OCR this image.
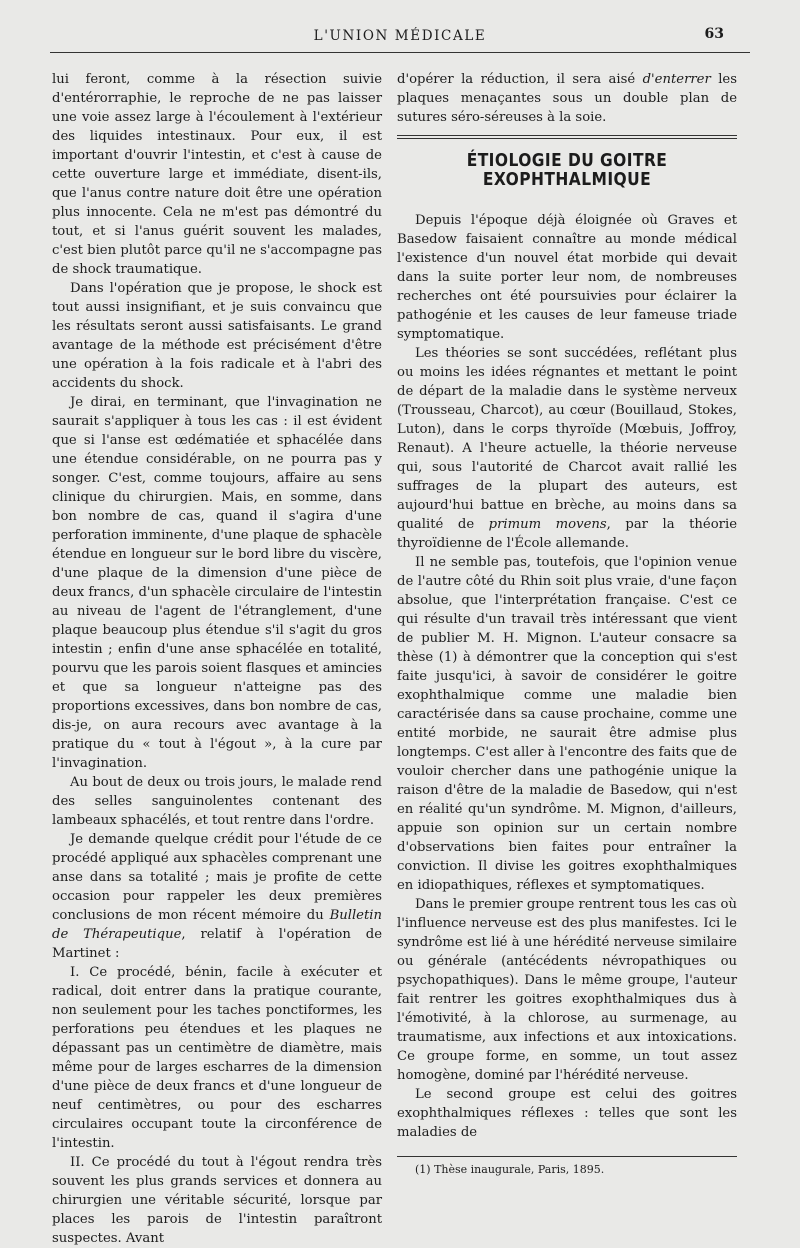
L'UNION MÉDICALE	63

lui feront, comme à la résection suivie d'entérorraphie, le reproche de ne pas laisser une voie assez large à l'écoulement à l'extérieur des liquides intestinaux. Pour eux, il est important d'ouvrir l'intestin, et c'est à cause de cette ouverture large et immédiate, disent-ils, que l'anus contre nature doit être une opération plus innocente. Cela ne m'est pas démontré du tout, et si l'anus guérit souvent les malades, c'est bien plutôt parce qu'il ne s'accompagne pas de shock traumatique.

Dans l'opération que je propose, le shock est tout aussi insignifiant, et je suis convaincu que les résultats seront aussi satisfaisants. Le grand avantage de la méthode est précisément d'être une opération à la fois radicale et à l'abri des accidents du shock.

Je dirai, en terminant, que l'invagination ne saurait s'appliquer à tous les cas : il est évident que si l'anse est œdématiée et sphacélée dans une étendue considérable, on ne pourra pas y songer. C'est, comme toujours, affaire au sens clinique du chirurgien. Mais, en somme, dans bon nombre de cas, quand il s'agira d'une perforation imminente, d'une plaque de sphacèle étendue en longueur sur le bord libre du viscère, d'une plaque de la dimension d'une pièce de deux francs, d'un sphacèle circulaire de l'intestin au niveau de l'agent de l'étranglement, d'une plaque beaucoup plus étendue s'il s'agit du gros intestin ; enfin d'une anse sphacélée en totalité, pourvu que les parois soient flasques et amincies et que sa longueur n'atteigne pas des proportions excessives, dans bon nombre de cas, dis-je, on aura recours avec avantage à la pratique du « tout à l'égout », à la cure par l'invagination.

Au bout de deux ou trois jours, le malade rend des selles sanguinolentes contenant des lambeaux sphacélés, et tout rentre dans l'ordre.

Je demande quelque crédit pour l'étude de ce procédé appliqué aux sphacèles comprenant une anse dans sa totalité ; mais je profite de cette occasion pour rappeler les deux premières conclusions de mon récent mémoire du Bulletin de Thérapeutique, relatif à l'opération de Martinet :

I. Ce procédé, bénin, facile à exécuter et radical, doit entrer dans la pratique courante, non seulement pour les taches ponctiformes, les perforations peu étendues et les plaques ne dépassant pas un centimètre de diamètre, mais même pour de larges escharres de la dimension d'une pièce de deux francs et d'une longueur de neuf centimètres, ou pour des escharres circulaires occupant toute la circonférence de l'intestin.

II. Ce procédé du tout à l'égout rendra très souvent les plus grands services et donnera au chirurgien une véritable sécurité, lorsque par places les parois de l'intestin paraîtront suspectes. Avant

d'opérer la réduction, il sera aisé d'enterrer les plaques menaçantes sous un double plan de sutures séro-séreuses à la soie.

ÉTIOLOGIE DU GOITRE EXOPHTHALMIQUE

Depuis l'époque déjà éloignée où Graves et Basedow faisaient connaître au monde médical l'existence d'un nouvel état morbide qui devait dans la suite porter leur nom, de nombreuses recherches ont été poursuivies pour éclairer la pathogénie et les causes de leur fameuse triade symptomatique.

Les théories se sont succédées, reflétant plus ou moins les idées régnantes et mettant le point de départ de la maladie dans le système nerveux (Trousseau, Charcot), au cœur (Bouillaud, Stokes, Luton), dans le corps thyroïde (Mœbuis, Joffroy, Renaut). A l'heure actuelle, la théorie nerveuse qui, sous l'autorité de Charcot avait rallié les suffrages de la plupart des auteurs, est aujourd'hui battue en brèche, au moins dans sa qualité de primum movens, par la théorie thyroïdienne de l'École allemande.

Il ne semble pas, toutefois, que l'opinion venue de l'autre côté du Rhin soit plus vraie, d'une façon absolue, que l'interprétation française. C'est ce qui résulte d'un travail très intéressant que vient de publier M. H. Mignon. L'auteur consacre sa thèse (1) à démontrer que la conception qui s'est faite jusqu'ici, à savoir de considérer le goitre exophthalmique comme une maladie bien caractérisée dans sa cause prochaine, comme une entité morbide, ne saurait être admise plus longtemps. C'est aller à l'encontre des faits que de vouloir chercher dans une pathogénie unique la raison d'être de la maladie de Basedow, qui n'est en réalité qu'un syndrôme. M. Mignon, d'ailleurs, appuie son opinion sur un certain nombre d'observations bien faites pour entraîner la conviction. Il divise les goitres exophthalmiques en idiopathiques, réflexes et symptomatiques.

Dans le premier groupe rentrent tous les cas où l'influence nerveuse est des plus manifestes. Ici le syndrôme est lié à une hérédité nerveuse similaire ou générale (antécédents névropathiques ou psychopathiques). Dans le même groupe, l'auteur fait rentrer les goitres exophthalmiques dus à l'émotivité, à la chlorose, au surmenage, au traumatisme, aux infections et aux intoxications. Ce groupe forme, en somme, un tout assez homogène, dominé par l'hérédité nerveuse.

Le second groupe est celui des goitres exophthalmiques réflexes : telles que sont les maladies de

(1) Thèse inaugurale, Paris, 1895.
